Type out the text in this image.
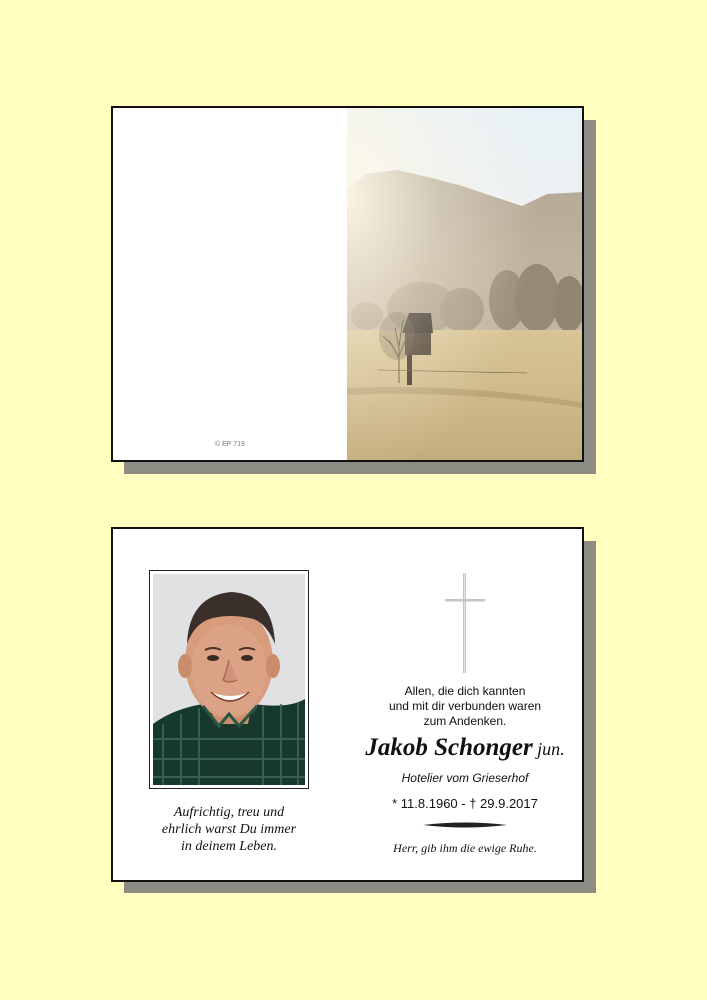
© EP 719
Aufrichtig, treu und
ehrlich warst Du immer
in deinem Leben.
Allen, die dich kannten
und mit dir verbunden waren
zum Andenken.
Jakob Schonger jun.
Hotelier vom Grieserhof
* 11.8.1960 - † 29.9.2017
Herr, gib ihm die ewige Ruhe.
